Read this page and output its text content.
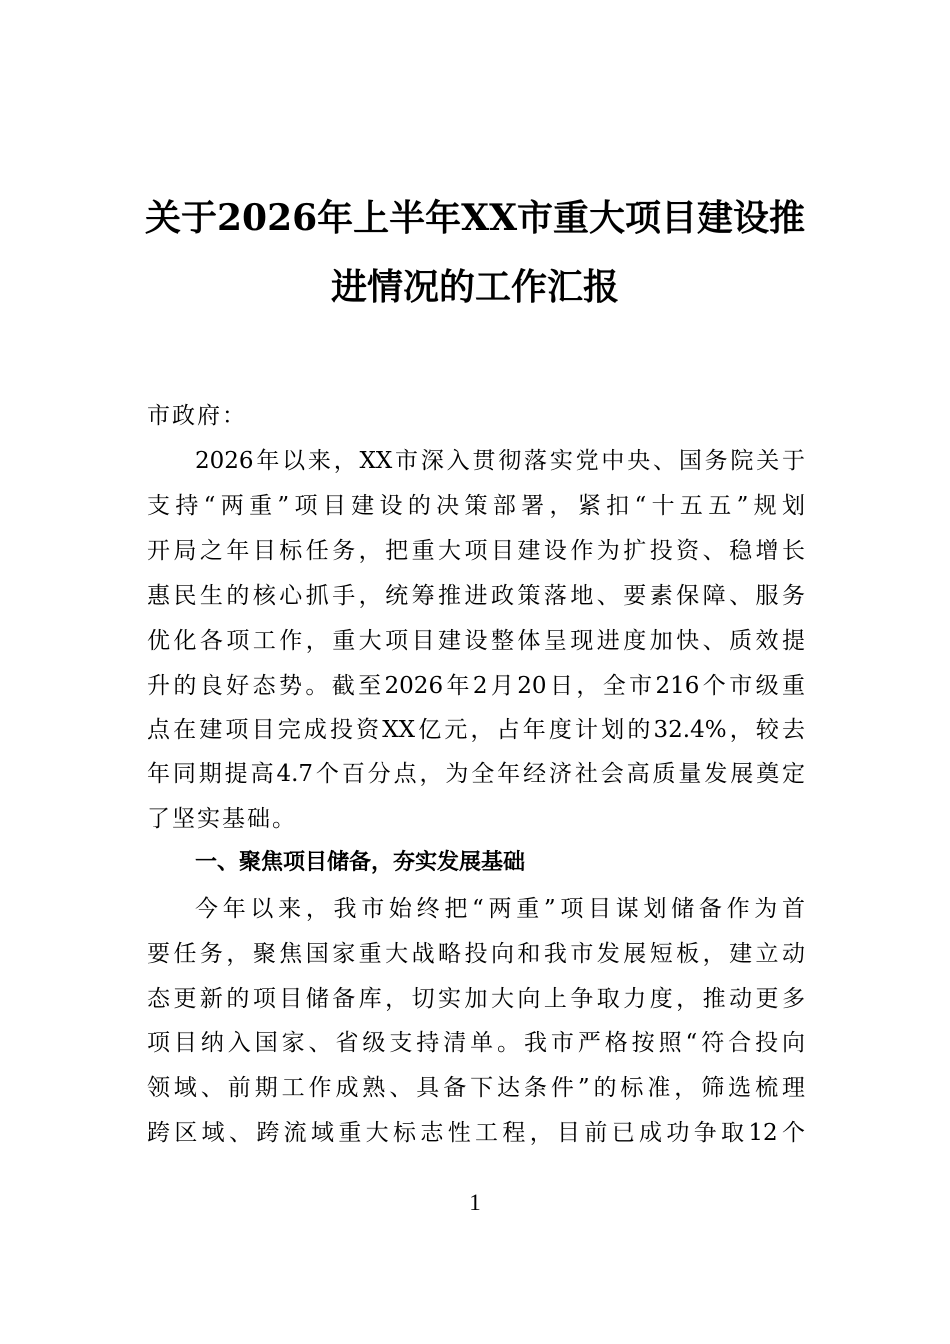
关于2026年上半年XX市重大项目建设推
进情况的工作汇报
市政府：
2026年以来，XX市深入贯彻落实党中央、国务院关于
支持“两重”项目建设的决策部署，紧扣“十五五”规划
开局之年目标任务，把重大项目建设作为扩投资、稳增长
惠民生的核心抓手，统筹推进政策落地、要素保障、服务
优化各项工作，重大项目建设整体呈现进度加快、质效提
升的良好态势。截至2026年2月20日，全市216个市级重
点在建项目完成投资XX亿元，占年度计划的32.4%，较去
年同期提高4.7个百分点，为全年经济社会高质量发展奠定
了坚实基础。
一、聚焦项目储备，夯实发展基础
今年以来，我市始终把“两重”项目谋划储备作为首
要任务，聚焦国家重大战略投向和我市发展短板，建立动
态更新的项目储备库，切实加大向上争取力度，推动更多
项目纳入国家、省级支持清单。我市严格按照“符合投向
领域、前期工作成熟、具备下达条件”的标准，筛选梳理
跨区域、跨流域重大标志性工程，目前已成功争取12个
1
